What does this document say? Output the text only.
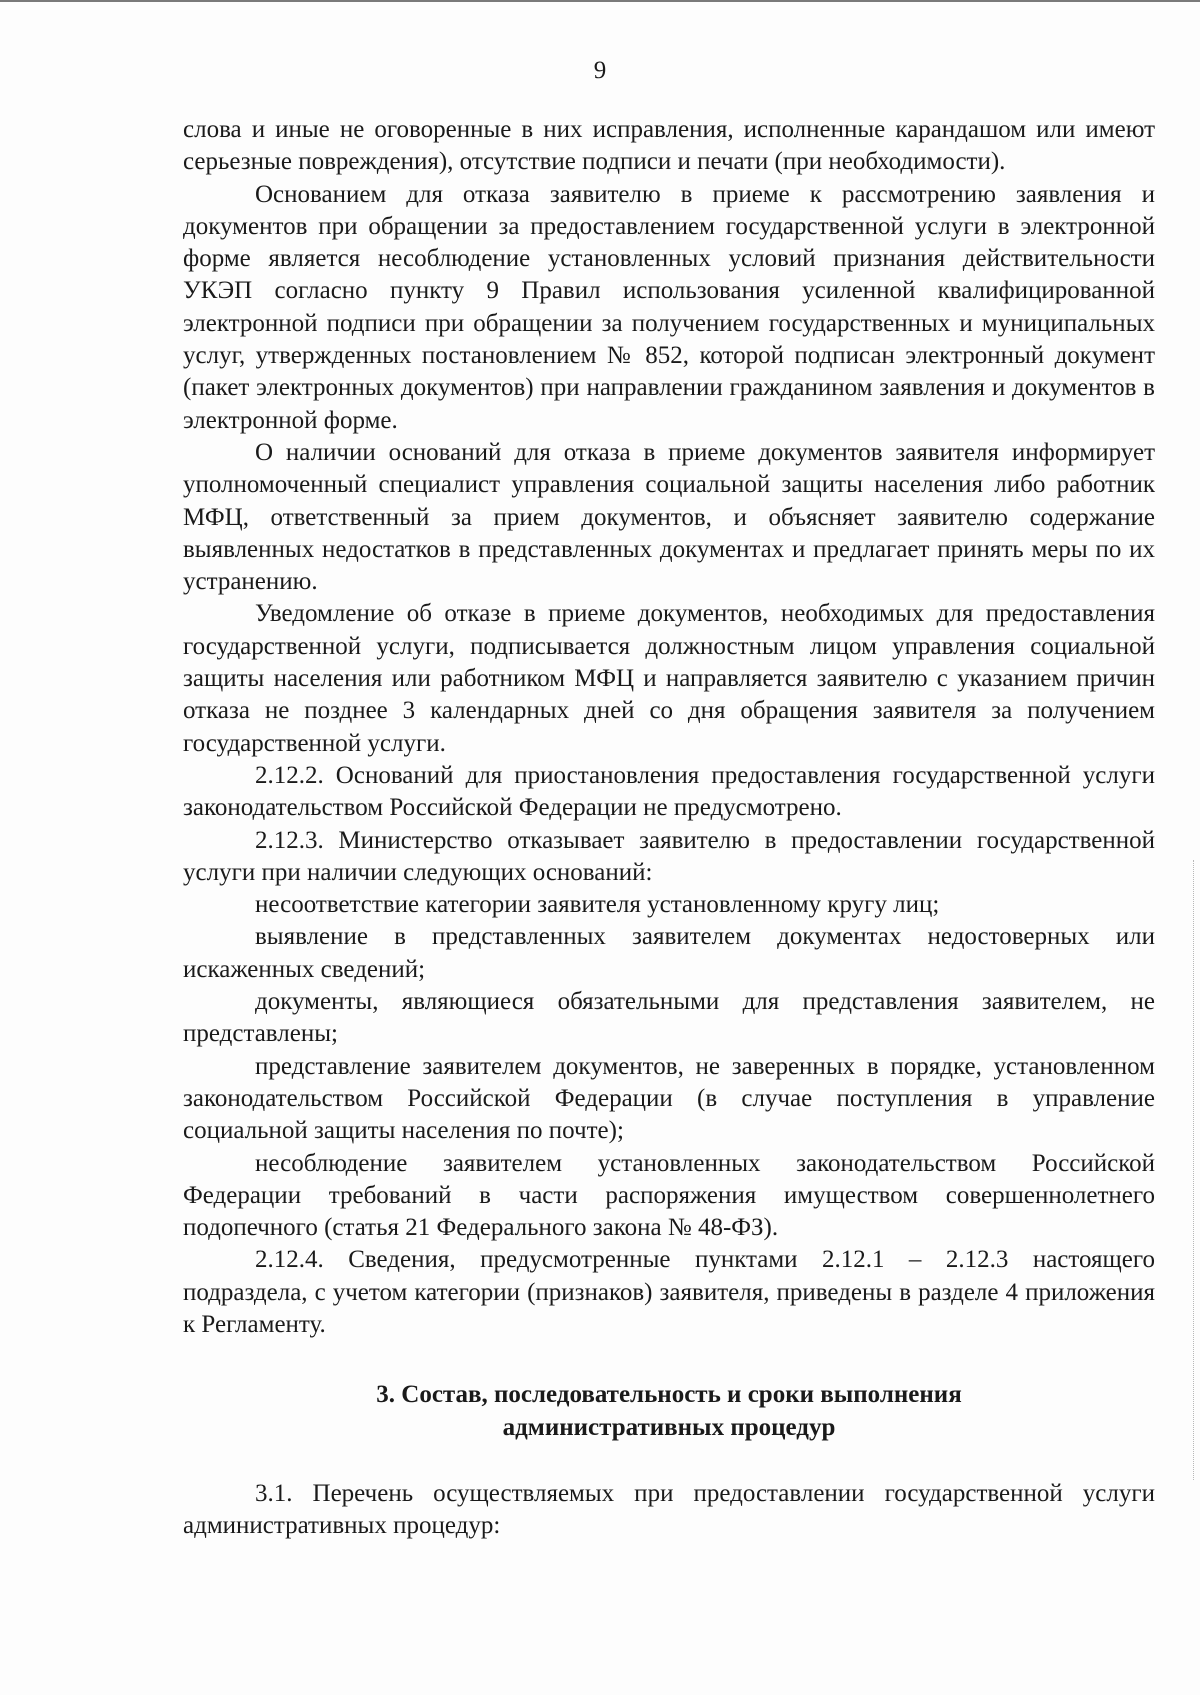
9

слова и иные не оговоренные в них исправления, исполненные карандашом или имеют серьезные повреждения), отсутствие подписи и печати (при необходимости).

Основанием для отказа заявителю в приеме к рассмотрению заявления и документов при обращении за предоставлением государственной услуги в электронной форме является несоблюдение установленных условий признания действительности УКЭП согласно пункту 9 Правил использования усиленной квалифицированной электронной подписи при обращении за получением государственных и муниципальных услуг, утвержденных постановлением № 852, которой подписан электронный документ (пакет электронных документов) при направлении гражданином заявления и документов в электронной форме.

О наличии оснований для отказа в приеме документов заявителя информирует уполномоченный специалист управления социальной защиты населения либо работник МФЦ, ответственный за прием документов, и объясняет заявителю содержание выявленных недостатков в представленных документах и предлагает принять меры по их устранению.

Уведомление об отказе в приеме документов, необходимых для предоставления государственной услуги, подписывается должностным лицом управления социальной защиты населения или работником МФЦ и направляется заявителю с указанием причин отказа не позднее 3 календарных дней со дня обращения заявителя за получением государственной услуги.

2.12.2. Оснований для приостановления предоставления государственной услуги законодательством Российской Федерации не предусмотрено.

2.12.3. Министерство отказывает заявителю в предоставлении государственной услуги при наличии следующих оснований:

несоответствие категории заявителя установленному кругу лиц;

выявление в представленных заявителем документах недостоверных или искаженных сведений;

документы, являющиеся обязательными для представления заявителем, не представлены;

представление заявителем документов, не заверенных в порядке, установленном законодательством Российской Федерации (в случае поступления в управление социальной защиты населения по почте);

несоблюдение заявителем установленных законодательством Российской Федерации требований в части распоряжения имуществом совершеннолетнего подопечного (статья 21 Федерального закона № 48-ФЗ).

2.12.4. Сведения, предусмотренные пунктами 2.12.1 – 2.12.3 настоящего подраздела, с учетом категории (признаков) заявителя, приведены в разделе 4 приложения к Регламенту.

3. Состав, последовательность и сроки выполнения
административных процедур

3.1. Перечень осуществляемых при предоставлении государственной услуги административных процедур:
